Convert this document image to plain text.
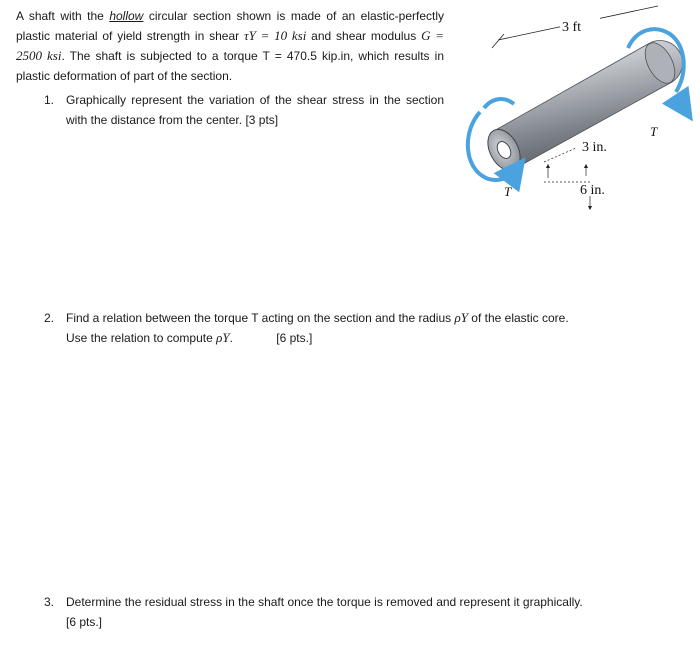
A shaft with the hollow circular section shown is made of an elastic-perfectly plastic material of yield strength in shear τY = 10 ksi and shear modulus G = 2500 ksi. The shaft is subjected to a torque T = 470.5 kip.in, which results in plastic deformation of part of the section.
3 ft
T
T
3 in.
6 in.
1. Graphically represent the variation of the shear stress in the section with the distance from the center. [3 pts]
2. Find a relation between the torque T acting on the section and the radius ρY of the elastic core.
Use the relation to compute ρY.	[6 pts.]
3. Determine the residual stress in the shaft once the torque is removed and represent it graphically.
[6 pts.]
